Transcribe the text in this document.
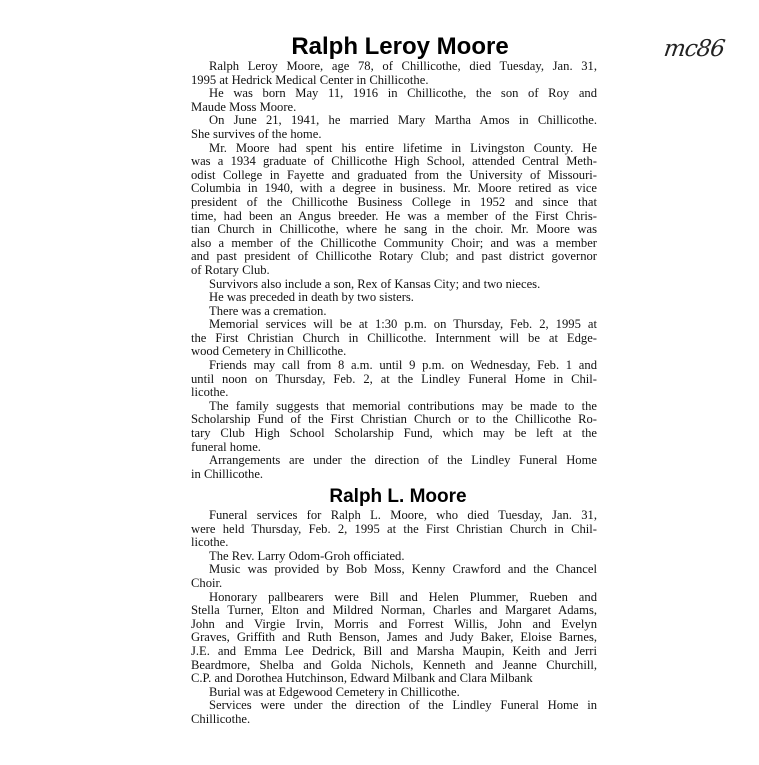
mc86
Ralph Leroy Moore
Ralph Leroy Moore, age 78, of Chillicothe, died Tuesday, Jan. 31,
1995 at Hedrick Medical Center in Chillicothe.
He was born May 11, 1916 in Chillicothe, the son of Roy and
Maude Moss Moore.
On June 21, 1941, he married Mary Martha Amos in Chillicothe.
She survives of the home.
Mr. Moore had spent his entire lifetime in Livingston County. He
was a 1934 graduate of Chillicothe High School, attended Central Meth-
odist College in Fayette and graduated from the University of Missouri-
Columbia in 1940, with a degree in business. Mr. Moore retired as vice
president of the Chillicothe Business College in 1952 and since that
time, had been an Angus breeder. He was a member of the First Chris-
tian Church in Chillicothe, where he sang in the choir. Mr. Moore was
also a member of the Chillicothe Community Choir; and was a member
and past president of Chillicothe Rotary Club; and past district governor
of Rotary Club.
Survivors also include a son, Rex of Kansas City; and two nieces.
He was preceded in death by two sisters.
There was a cremation.
Memorial services will be at 1:30 p.m. on Thursday, Feb. 2, 1995 at
the First Christian Church in Chillicothe. Internment will be at Edge-
wood Cemetery in Chillicothe.
Friends may call from 8 a.m. until 9 p.m. on Wednesday, Feb. 1 and
until noon on Thursday, Feb. 2, at the Lindley Funeral Home in Chil-
licothe.
The family suggests that memorial contributions may be made to the
Scholarship Fund of the First Christian Church or to the Chillicothe Ro-
tary Club High School Scholarship Fund, which may be left at the
funeral home.
Arrangements are under the direction of the Lindley Funeral Home
in Chillicothe.
Ralph L. Moore
Funeral services for Ralph L. Moore, who died Tuesday, Jan. 31,
were held Thursday, Feb. 2, 1995 at the First Christian Church in Chil-
licothe.
The Rev. Larry Odom-Groh officiated.
Music was provided by Bob Moss, Kenny Crawford and the Chancel
Choir.
Honorary pallbearers were Bill and Helen Plummer, Rueben and
Stella Turner, Elton and Mildred Norman, Charles and Margaret Adams,
John and Virgie Irvin, Morris and Forrest Willis, John and Evelyn
Graves, Griffith and Ruth Benson, James and Judy Baker, Eloise Barnes,
J.E. and Emma Lee Dedrick, Bill and Marsha Maupin, Keith and Jerri
Beardmore, Shelba and Golda Nichols, Kenneth and Jeanne Churchill,
C.P. and Dorothea Hutchinson, Edward Milbank and Clara Milbank
Burial was at Edgewood Cemetery in Chillicothe.
Services were under the direction of the Lindley Funeral Home in
Chillicothe.
